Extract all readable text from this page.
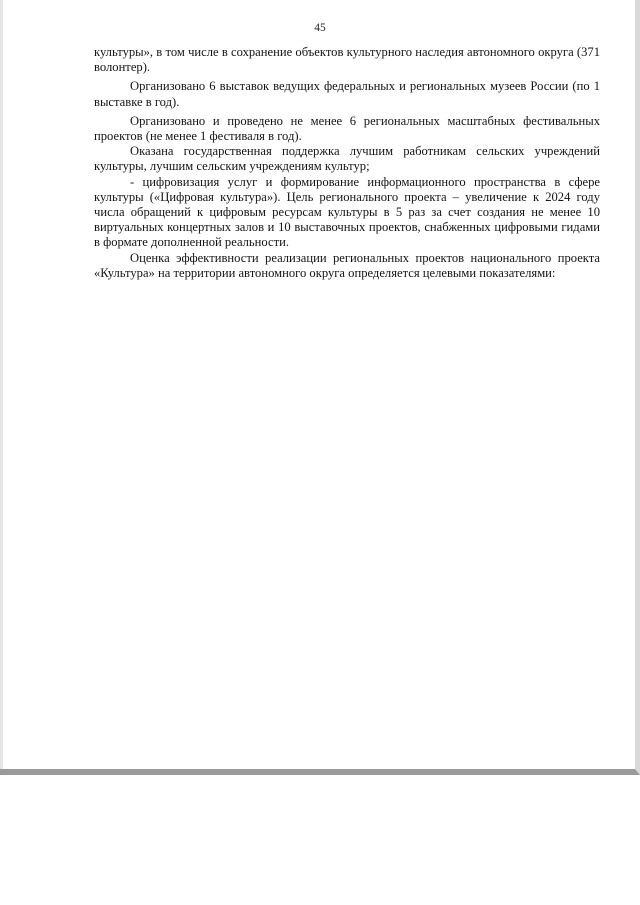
45

культуры», в том числе в сохранение объектов культурного наследия автономного округа (371 волонтер).

Организовано 6 выставок ведущих федеральных и региональных музеев России (по 1 выставке в год).

Организовано и проведено не менее 6 региональных масштабных фестивальных проектов (не менее 1 фестиваля в год).

Оказана государственная поддержка лучшим работникам сельских учреждений культуры, лучшим сельским учреждениям культур;

- цифровизация услуг и формирование информационного пространства в сфере культуры («Цифровая культура»). Цель регионального проекта – увеличение к 2024 году числа обращений к цифровым ресурсам культуры в 5 раз за счет создания не менее 10 виртуальных концертных залов и 10 выставочных проектов, снабженных цифровыми гидами в формате дополненной реальности.

Оценка эффективности реализации региональных проектов национального проекта «Культура» на территории автономного округа определяется целевыми показателями:
